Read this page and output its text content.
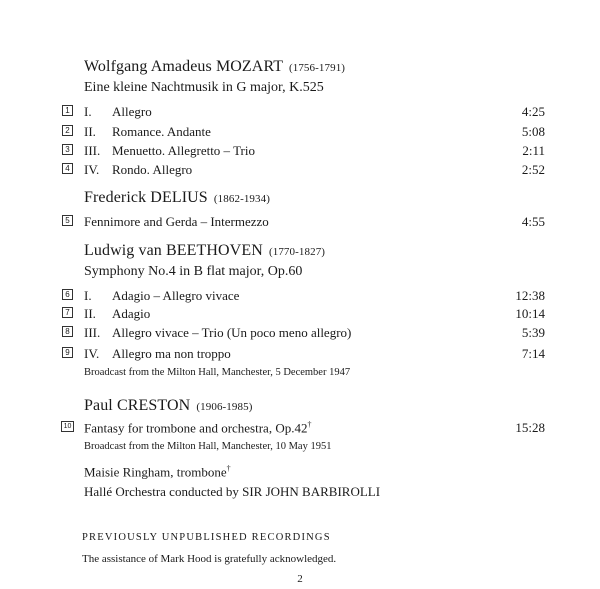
Wolfgang Amadeus MOZART (1756-1791)
Eine kleine Nachtmusik in G major, K.525
1 I. Allegro	4:25
2 II. Romance. Andante	5:08
3 III. Menuetto. Allegretto – Trio	2:11
4 IV. Rondo. Allegro	2:52
Frederick DELIUS (1862-1934)
5 Fennimore and Gerda – Intermezzo	4:55
Ludwig van BEETHOVEN (1770-1827)
Symphony No.4 in B flat major, Op.60
6 I. Adagio – Allegro vivace	12:38
7 II. Adagio	10:14
8 III. Allegro vivace – Trio (Un poco meno allegro)	5:39
9 IV. Allegro ma non troppo	7:14
Broadcast from the Milton Hall, Manchester, 5 December 1947
Paul CRESTON (1906-1985)
10 Fantasy for trombone and orchestra, Op.42†	15:28
Broadcast from the Milton Hall, Manchester, 10 May 1951
Maisie Ringham, trombone†
Hallé Orchestra conducted by SIR JOHN BARBIROLLI
PREVIOUSLY UNPUBLISHED RECORDINGS
The assistance of Mark Hood is gratefully acknowledged.
2
